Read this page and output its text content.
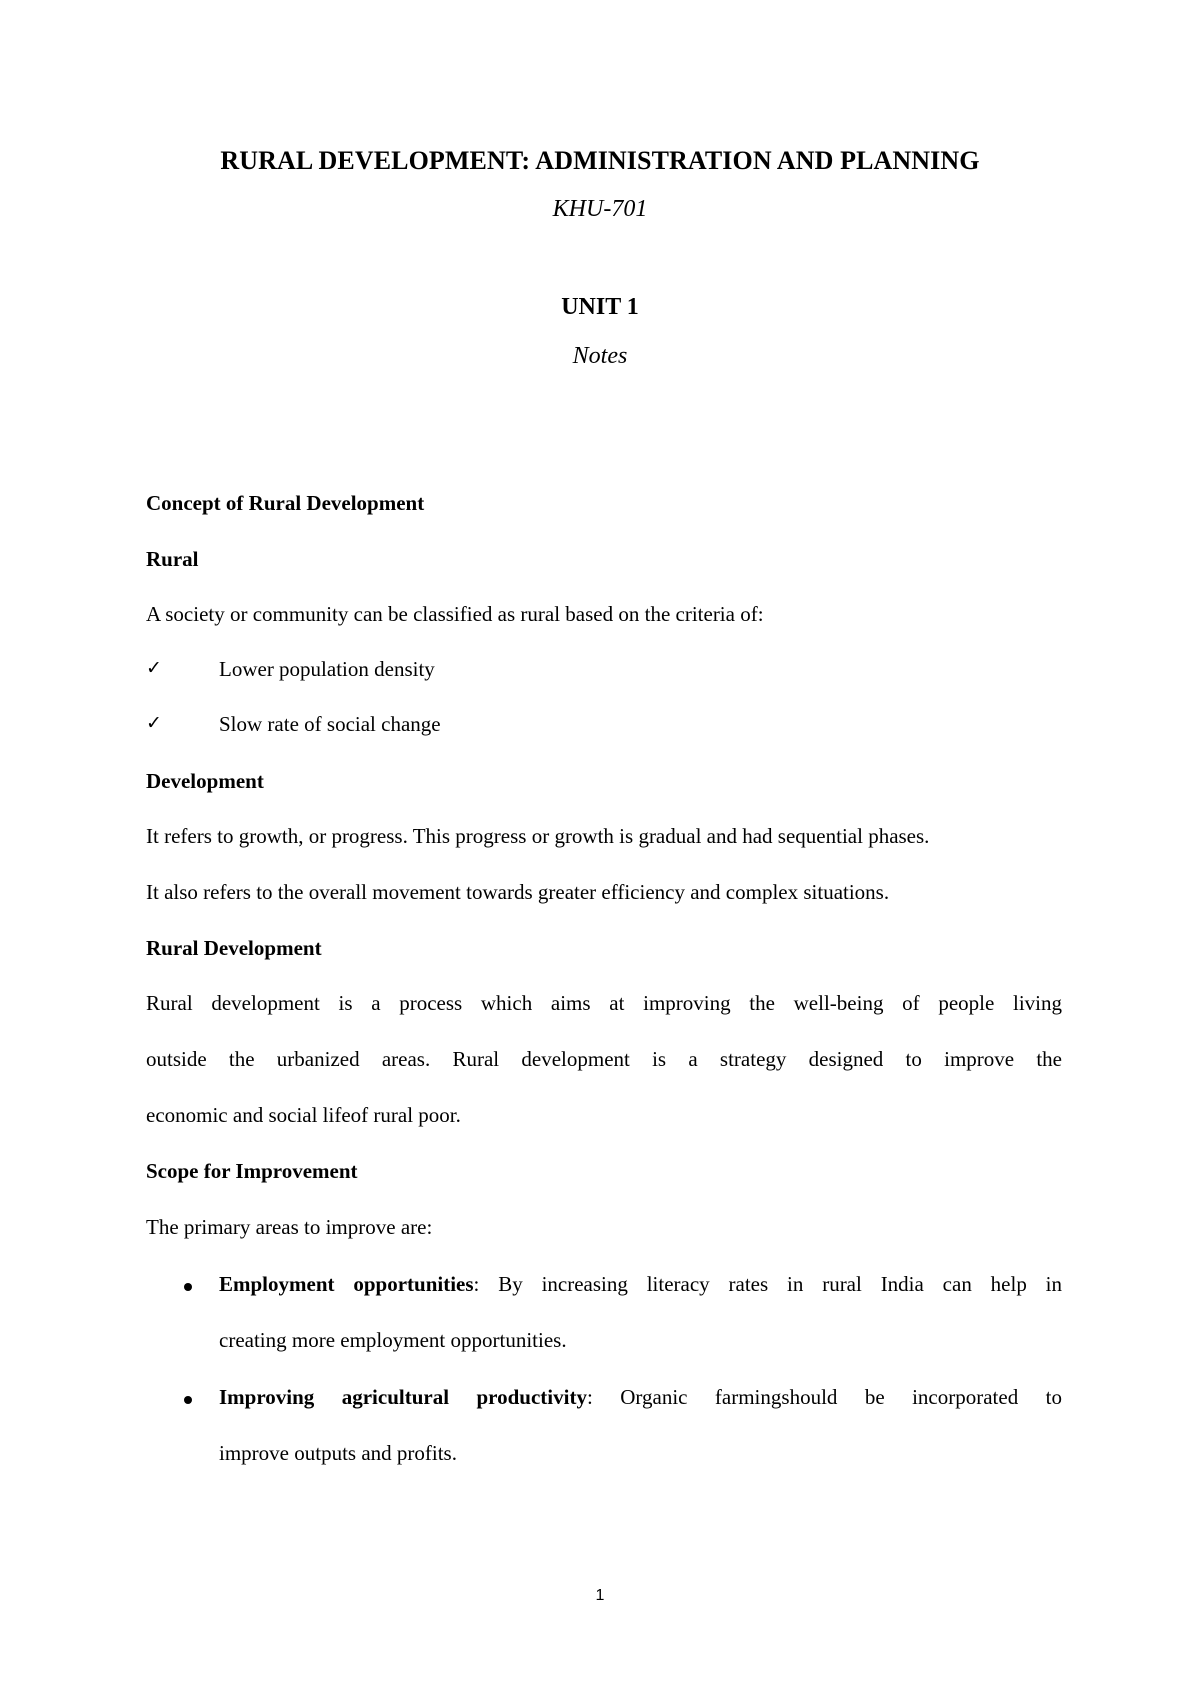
RURAL DEVELOPMENT: ADMINISTRATION AND PLANNING
KHU-701
UNIT 1
Notes
Concept of Rural Development
Rural
A society or community can be classified as rural based on the criteria of:
✓	Lower population density
✓	Slow rate of social change
Development
It refers to growth, or progress. This progress or growth is gradual and had sequential phases.
It also refers to the overall movement towards greater efficiency and complex situations.
Rural Development
Rural development is a process which aims at improving the well-being of people living
outside the urbanized areas. Rural development is a strategy designed to improve the
economic and social lifeof rural poor.
Scope for Improvement
The primary areas to improve are:
Employment opportunities: By increasing literacy rates in rural India can help in
creating more employment opportunities.
Improving agricultural productivity: Organic farmingshould be incorporated to
improve outputs and profits.
1
